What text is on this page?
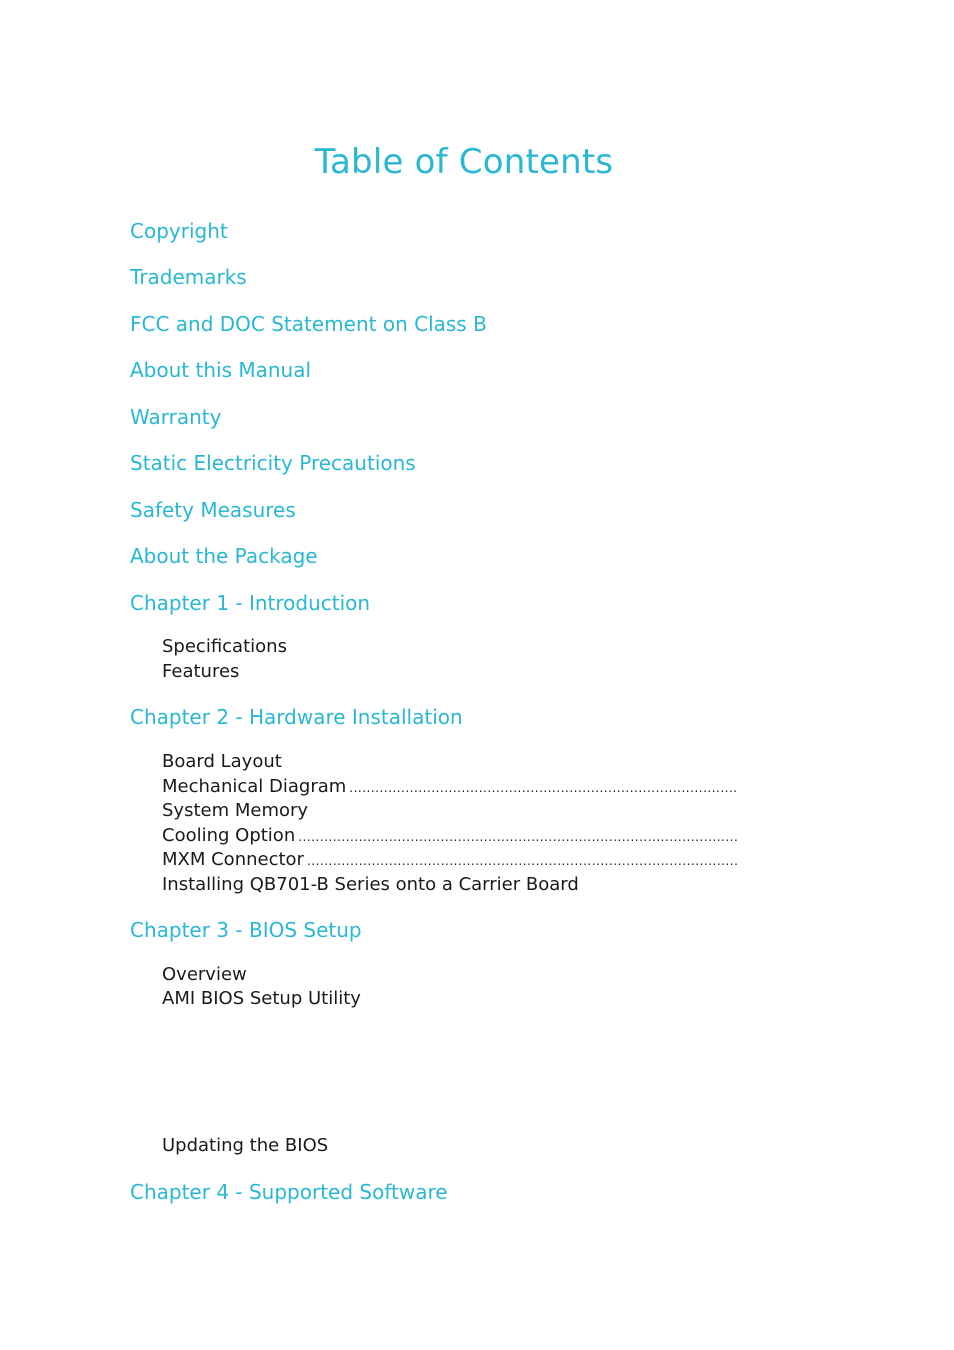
Table of Contents
Copyright
Trademarks
FCC and DOC Statement on Class B
About this Manual
Warranty
Static Electricity Precautions
Safety Measures
About the Package
Chapter 1 - Introduction
Specifications
Features
Chapter 2 - Hardware Installation
Board Layout
Mechanical Diagram
.....
System Memory
Cooling Option
.....
MXM Connector
.....
Installing QB701-B Series onto a Carrier Board
Chapter 3 - BIOS Setup
Overview
AMI BIOS Setup Utility
Updating the BIOS
Chapter 4 - Supported Software
